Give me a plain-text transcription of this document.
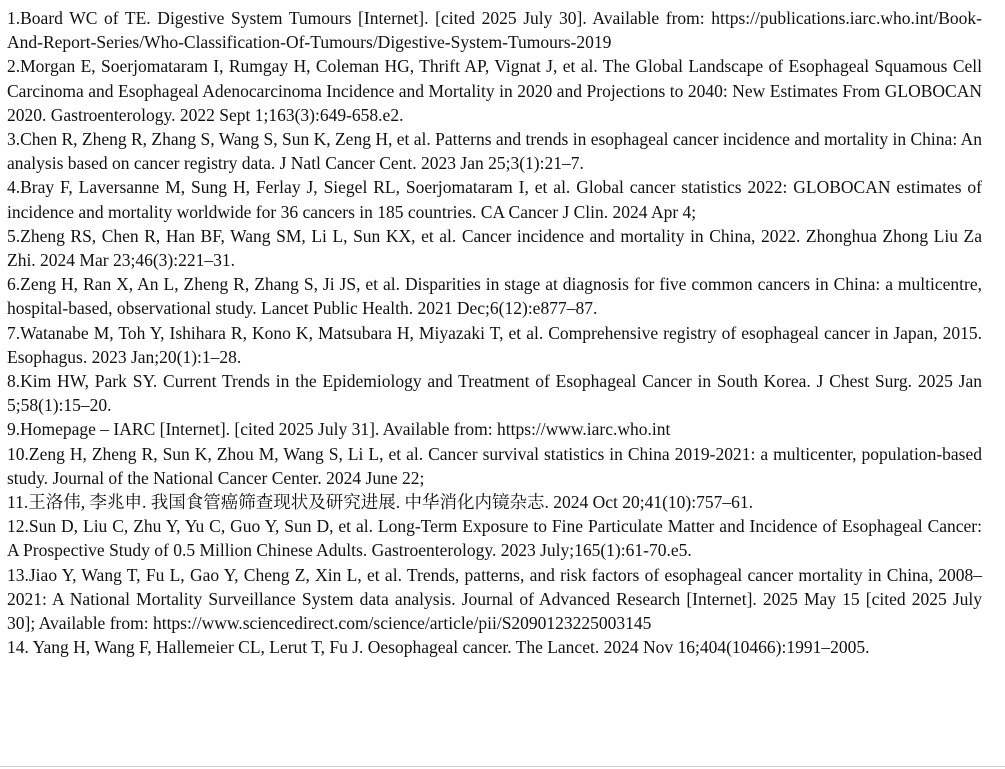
1.Board WC of TE. Digestive System Tumours [Internet]. [cited 2025 July 30]. Available from: https://publications.iarc.who.int/Book-And-Report-Series/Who-Classification-Of-Tumours/Digestive-System-Tumours-2019

2.Morgan E, Soerjomataram I, Rumgay H, Coleman HG, Thrift AP, Vignat J, et al. The Global Landscape of Esophageal Squamous Cell Carcinoma and Esophageal Adenocarcinoma Incidence and Mortality in 2020 and Projections to 2040: New Estimates From GLOBOCAN 2020. Gastroenterology. 2022 Sept 1;163(3):649-658.e2.

3.Chen R, Zheng R, Zhang S, Wang S, Sun K, Zeng H, et al. Patterns and trends in esophageal cancer incidence and mortality in China: An analysis based on cancer registry data. J Natl Cancer Cent. 2023 Jan 25;3(1):21–7.

4.Bray F, Laversanne M, Sung H, Ferlay J, Siegel RL, Soerjomataram I, et al. Global cancer statistics 2022: GLOBOCAN estimates of incidence and mortality worldwide for 36 cancers in 185 countries. CA Cancer J Clin. 2024 Apr 4;

5.Zheng RS, Chen R, Han BF, Wang SM, Li L, Sun KX, et al. Cancer incidence and mortality in China, 2022. Zhonghua Zhong Liu Za Zhi. 2024 Mar 23;46(3):221–31.

6.Zeng H, Ran X, An L, Zheng R, Zhang S, Ji JS, et al. Disparities in stage at diagnosis for five common cancers in China: a multicentre, hospital-based, observational study. Lancet Public Health. 2021 Dec;6(12):e877–87.

7.Watanabe M, Toh Y, Ishihara R, Kono K, Matsubara H, Miyazaki T, et al. Comprehensive registry of esophageal cancer in Japan, 2015. Esophagus. 2023 Jan;20(1):1–28.

8.Kim HW, Park SY. Current Trends in the Epidemiology and Treatment of Esophageal Cancer in South Korea. J Chest Surg. 2025 Jan 5;58(1):15–20.

9.Homepage – IARC [Internet]. [cited 2025 July 31]. Available from: https://www.iarc.who.int

10.Zeng H, Zheng R, Sun K, Zhou M, Wang S, Li L, et al. Cancer survival statistics in China 2019-2021: a multicenter, population-based study. Journal of the National Cancer Center. 2024 June 22;

11.王洛伟, 李兆申. 我国食管癌筛查现状及研究进展. 中华消化内镜杂志. 2024 Oct 20;41(10):757–61.

12.Sun D, Liu C, Zhu Y, Yu C, Guo Y, Sun D, et al. Long-Term Exposure to Fine Particulate Matter and Incidence of Esophageal Cancer: A Prospective Study of 0.5 Million Chinese Adults. Gastroenterology. 2023 July;165(1):61-70.e5.

13.Jiao Y, Wang T, Fu L, Gao Y, Cheng Z, Xin L, et al. Trends, patterns, and risk factors of esophageal cancer mortality in China, 2008–2021: A National Mortality Surveillance System data analysis. Journal of Advanced Research [Internet]. 2025 May 15 [cited 2025 July 30]; Available from: https://www.sciencedirect.com/science/article/pii/S2090123225003145

14. Yang H, Wang F, Hallemeier CL, Lerut T, Fu J. Oesophageal cancer. The Lancet. 2024 Nov 16;404(10466):1991–2005.
